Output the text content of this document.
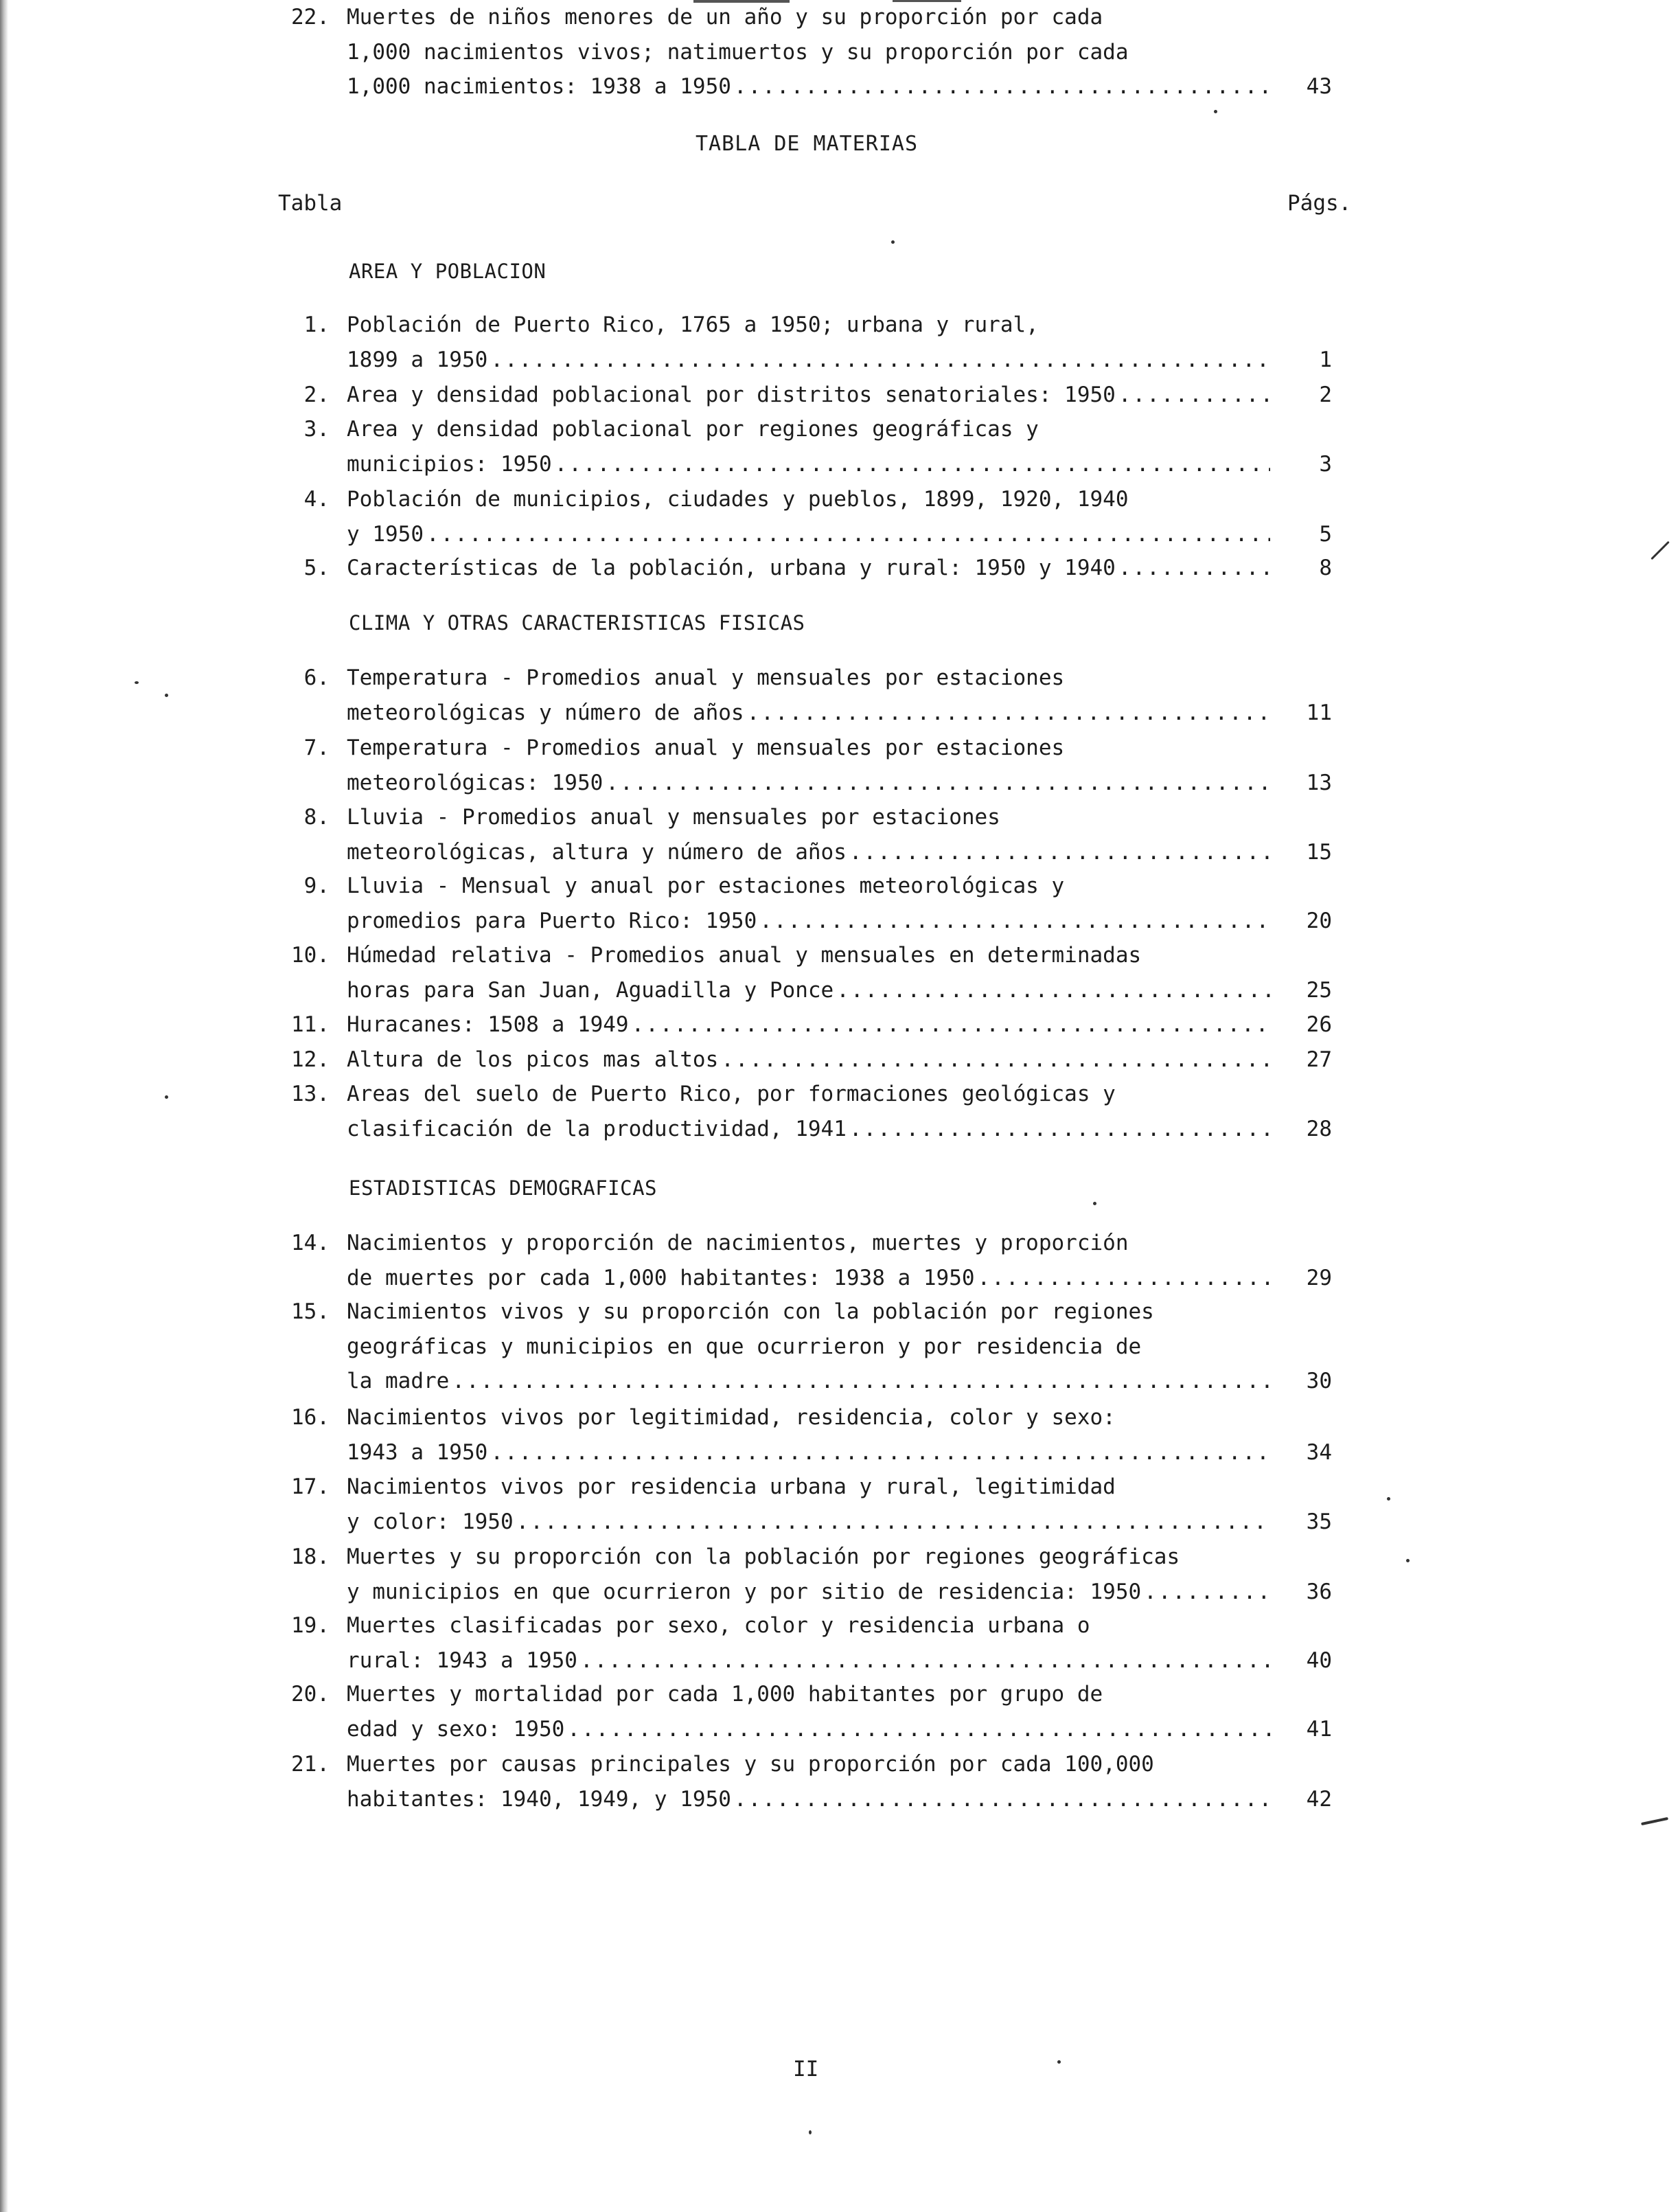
TABLA DE MATERIAS
Tabla	Págs.
AREA Y POBLACION
1. Población de Puerto Rico, 1765 a 1950; urbana y rural,
1899 a 1950 .....	1
2. Area y densidad poblacional por distritos senatoriales: 1950 .....	2
3. Area y densidad poblacional por regiones geográficas y
municipios: 1950 .....	3
4. Población de municipios, ciudades y pueblos, 1899, 1920, 1940
y 1950 .....	5
5. Características de la población, urbana y rural: 1950 y 1940 .....	8
CLIMA Y OTRAS CARACTERISTICAS FISICAS
6. Temperatura - Promedios anual y mensuales por estaciones
meteorológicas y número de años .....	11
7. Temperatura - Promedios anual y mensuales por estaciones
meteorológicas: 1950 .....	13
8. Lluvia - Promedios anual y mensuales por estaciones
meteorológicas, altura y número de años .....	15
9. Lluvia - Mensual y anual por estaciones meteorológicas y
promedios para Puerto Rico: 1950 .....	20
10. Húmedad relativa - Promedios anual y mensuales en determinadas
horas para San Juan, Aguadilla y Ponce .....	25
11. Huracanes: 1508 a 1949 .....	26
12. Altura de los picos mas altos .....	27
13. Areas del suelo de Puerto Rico, por formaciones geológicas y
clasificación de la productividad, 1941 .....	28
ESTADISTICAS DEMOGRAFICAS
14. Nacimientos y proporción de nacimientos, muertes y proporción
de muertes por cada 1,000 habitantes: 1938 a 1950 .....	29
15. Nacimientos vivos y su proporción con la población por regiones
geográficas y municipios en que ocurrieron y por residencia de
la madre .....	30
16. Nacimientos vivos por legitimidad, residencia, color y sexo:
1943 a 1950 .....	34
17. Nacimientos vivos por residencia urbana y rural, legitimidad
y color: 1950 .....	35
18. Muertes y su proporción con la población por regiones geográficas
y municipios en que ocurrieron y por sitio de residencia: 1950 .....	36
19. Muertes clasificadas por sexo, color y residencia urbana o
rural: 1943 a 1950 .....	40
20. Muertes y mortalidad por cada 1,000 habitantes por grupo de
edad y sexo: 1950 .....	41
21. Muertes por causas principales y su proporción por cada 100,000
habitantes: 1940, 1949, y 1950 .....	42
22. Muertes de niños menores de un año y su proporción por cada
1,000 nacimientos vivos; natimuertos y su proporción por cada
1,000 nacimientos: 1938 a 1950 .....	43
II
